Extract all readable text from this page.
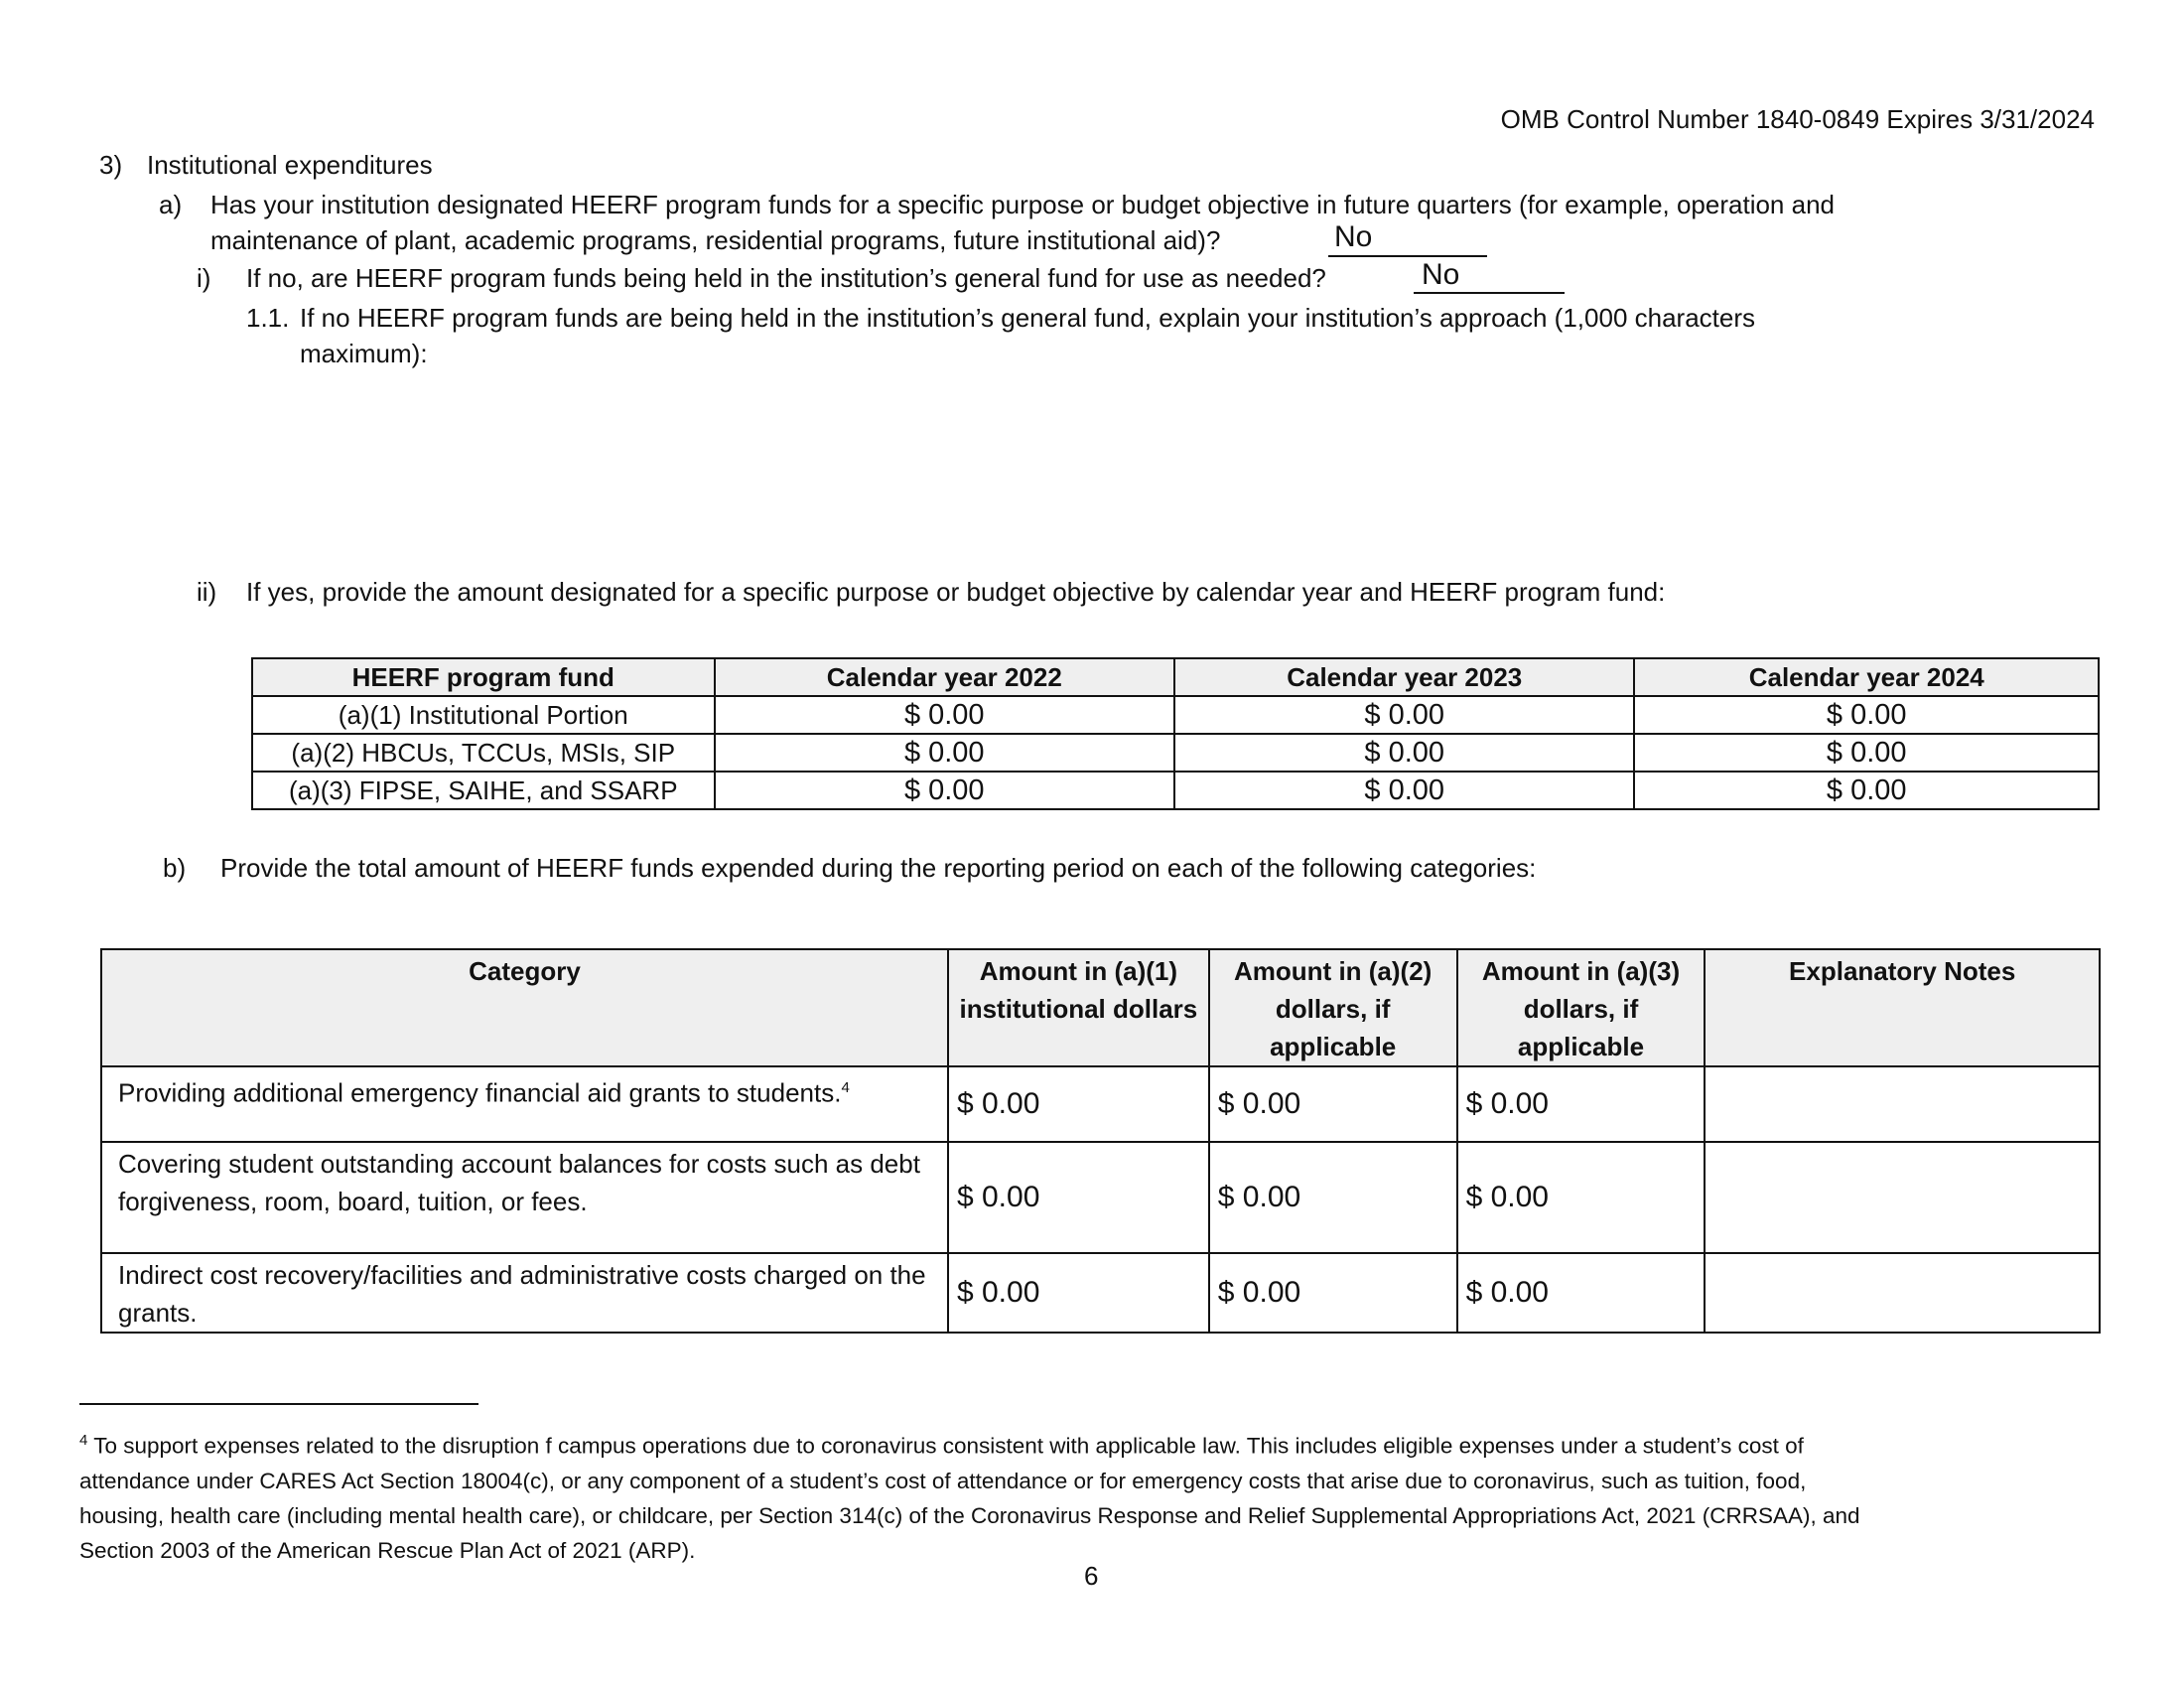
OMB Control Number 1840-0849 Expires 3/31/2024
3) Institutional expenditures
a) Has your institution designated HEERF program funds for a specific purpose or budget objective in future quarters (for example, operation and
maintenance of plant, academic programs, residential programs, future institutional aid)?	No
i) If no, are HEERF program funds being held in the institution’s general fund for use as needed?	No
1.1. If no HEERF program funds are being held in the institution’s general fund, explain your institution’s approach (1,000 characters
maximum):
ii) If yes, provide the amount designated for a specific purpose or budget objective by calendar year and HEERF program fund:
HEERF program fund	Calendar year 2022	Calendar year 2023	Calendar year 2024
(a)(1) Institutional Portion	$ 0.00	$ 0.00	$ 0.00
(a)(2) HBCUs, TCCUs, MSIs, SIP	$ 0.00	$ 0.00	$ 0.00
(a)(3) FIPSE, SAIHE, and SSARP	$ 0.00	$ 0.00	$ 0.00
b) Provide the total amount of HEERF funds expended during the reporting period on each of the following categories:
Category	Amount in (a)(1) institutional dollars	Amount in (a)(2) dollars, if applicable	Amount in (a)(3) dollars, if applicable	Explanatory Notes
Providing additional emergency financial aid grants to students.$^4$	$ 0.00	$ 0.00	$ 0.00	
Covering student outstanding account balances for costs such as debt forgiveness, room, board, tuition, or fees.	$ 0.00	$ 0.00	$ 0.00	
Indirect cost recovery/facilities and administrative costs charged on the grants.	$ 0.00	$ 0.00	$ 0.00	
$^4$ To support expenses related to the disruption f campus operations due to coronavirus consistent with applicable law. This includes eligible expenses under a student’s cost of
attendance under CARES Act Section 18004(c), or any component of a student’s cost of attendance or for emergency costs that arise due to coronavirus, such as tuition, food,
housing, health care (including mental health care), or childcare, per Section 314(c) of the Coronavirus Response and Relief Supplemental Appropriations Act, 2021 (CRRSAA), and
Section 2003 of the American Rescue Plan Act of 2021 (ARP).
6
